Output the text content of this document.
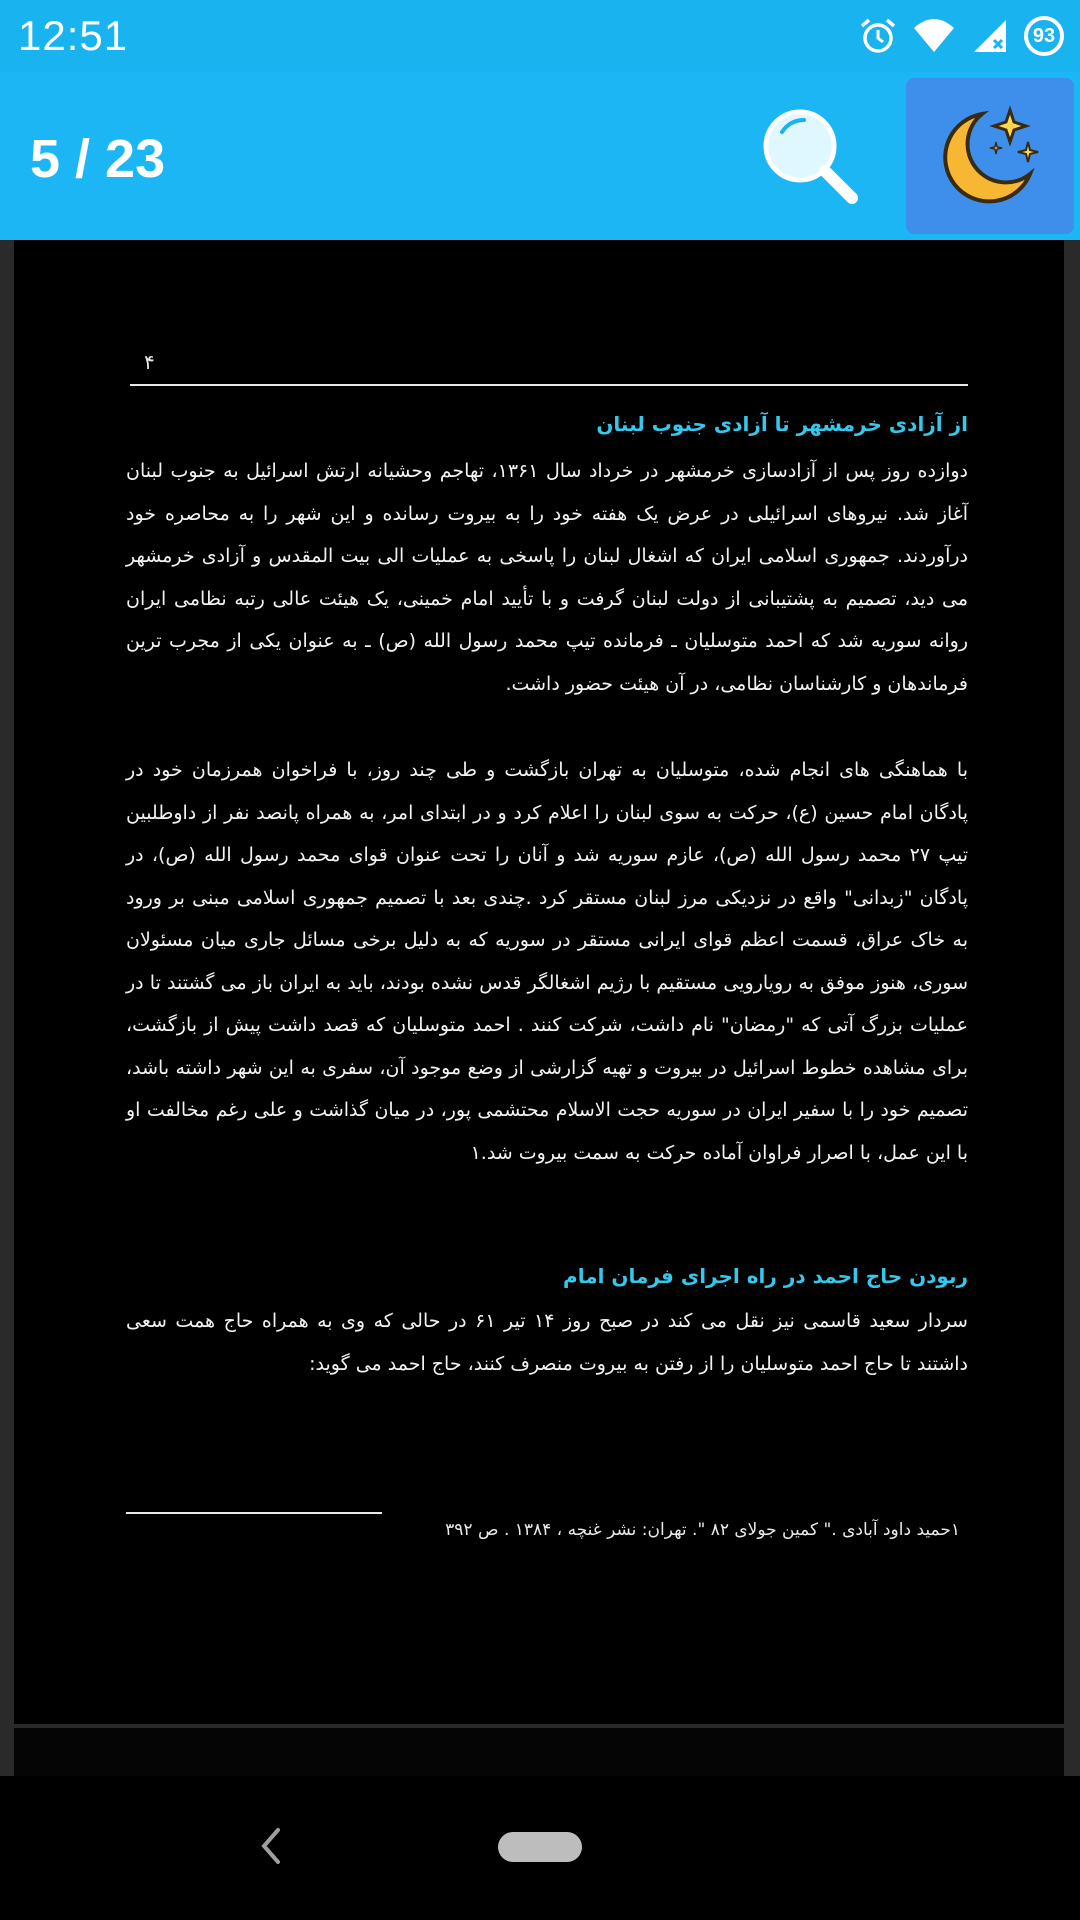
12:51	93
5 / 23
۴
از آزادی خرمشهر تا آزادی جنوب لبنان
دوازده روز پس از آزادسازی خرمشهر در خرداد سال ۱۳۶۱، تهاجم وحشیانه ارتش اسرائیل به جنوب لبنان آغاز شد. نیروهای اسرائیلی در عرض یک هفته خود را به بیروت رسانده و این شهر را به محاصره خود درآوردند. جمهوری اسلامی ایران که اشغال لبنان را پاسخی به عملیات الی بیت المقدس و آزادی خرمشهر می دید، تصمیم به پشتیبانی از دولت لبنان گرفت و با تأیید امام خمینی، یک هیئت عالی رتبه نظامی ایران روانه سوریه شد که احمد متوسلیان ـ فرمانده تیپ محمد رسول الله (ص) ـ به عنوان یکی از مجرب ترین فرماندهان و کارشناسان نظامی، در آن هیئت حضور داشت.
با هماهنگی های انجام شده، متوسلیان به تهران بازگشت و طی چند روز، با فراخوان همرزمان خود در پادگان امام حسین (ع)، حرکت به سوی لبنان را اعلام کرد و در ابتدای امر، به همراه پانصد نفر از داوطلبین تیپ ۲۷ محمد رسول الله (ص)، عازم سوریه شد و آنان را تحت عنوان قوای محمد رسول الله (ص)، در پادگان "زبدانی" واقع در نزدیکی مرز لبنان مستقر کرد .چندی بعد با تصمیم جمهوری اسلامی مبنی بر ورود به خاک عراق، قسمت اعظم قوای ایرانی مستقر در سوریه که به دلیل برخی مسائل جاری میان مسئولان سوری، هنوز موفق به رویارویی مستقیم با رژیم اشغالگر قدس نشده بودند، باید به ایران باز می گشتند تا در عملیات بزرگ آتی که "رمضان" نام داشت، شرکت کنند . احمد متوسلیان که قصد داشت پیش از بازگشت، برای مشاهده خطوط اسرائیل در بیروت و تهیه گزارشی از وضع موجود آن، سفری به این شهر داشته باشد، تصمیم خود را با سفیر ایران در سوریه حجت الاسلام محتشمی پور، در میان گذاشت و علی رغم مخالفت او با این عمل، با اصرار فراوان آماده حرکت به سمت بیروت شد.۱
ربودن حاج احمد در راه اجرای فرمان امام
سردار سعید قاسمی نیز نقل می کند در صبح روز ۱۴ تیر ۶۱ در حالی که وی به همراه حاج همت سعی داشتند تا حاج احمد متوسلیان را از رفتن به بیروت منصرف کنند، حاج احمد می گوید:
۱حمید داود آبادی ." کمین جولای ۸۲ ". تهران: نشر غنچه ، ۱۳۸۴ . ص ۳۹۲
